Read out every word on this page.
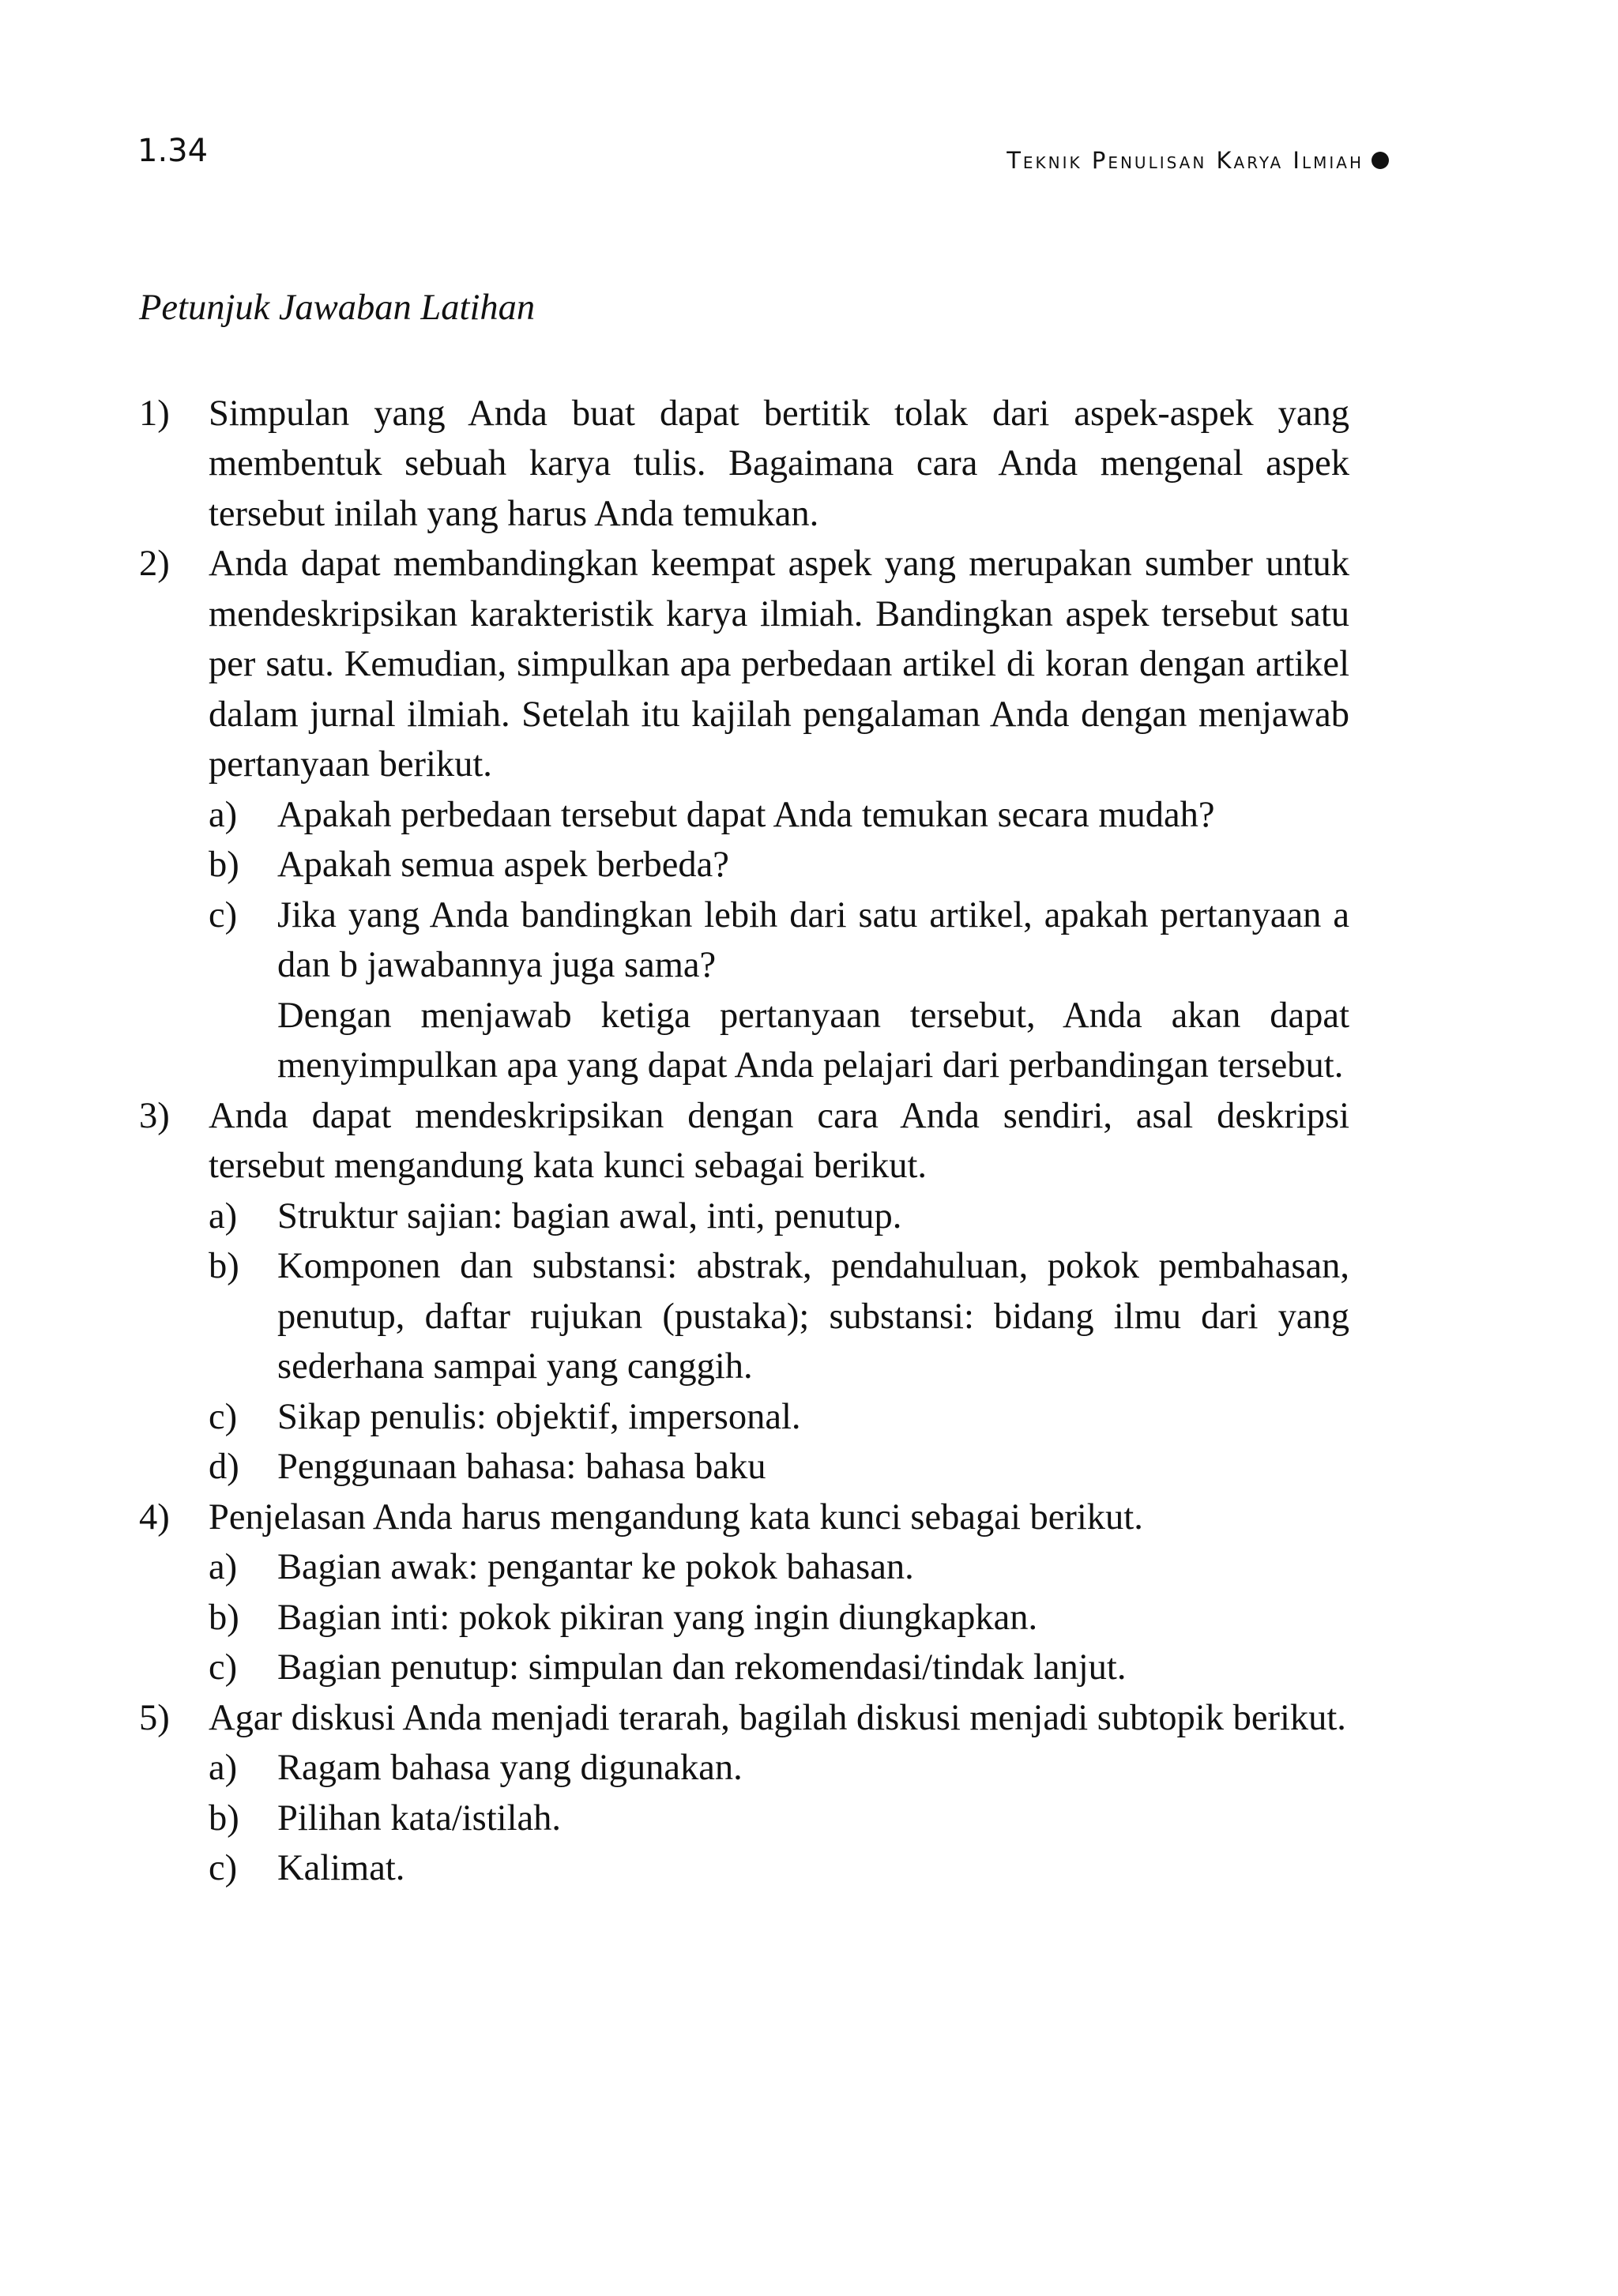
1.34	Teknik Penulisan Karya Ilmiah

Petunjuk Jawaban Latihan

1)	Simpulan yang Anda buat dapat bertitik tolak dari aspek-aspek yang membentuk sebuah karya tulis. Bagaimana cara Anda mengenal aspek tersebut inilah yang harus Anda temukan.

2)	Anda dapat membandingkan keempat aspek yang merupakan sumber untuk mendeskripsikan karakteristik karya ilmiah. Bandingkan aspek tersebut satu per satu. Kemudian, simpulkan apa perbedaan artikel di koran dengan artikel dalam jurnal ilmiah. Setelah itu kajilah pengalaman Anda dengan menjawab pertanyaan berikut.

a)	Apakah perbedaan tersebut dapat Anda temukan secara mudah?
b)	Apakah semua aspek berbeda?
c)	Jika yang Anda bandingkan lebih dari satu artikel, apakah pertanyaan a dan b jawabannya juga sama?
Dengan menjawab ketiga pertanyaan tersebut, Anda akan dapat menyimpulkan apa yang dapat Anda pelajari dari perbandingan tersebut.
3)	Anda dapat mendeskripsikan dengan cara Anda sendiri, asal deskripsi tersebut mengandung kata kunci sebagai berikut.

a)	Struktur sajian: bagian awal, inti, penutup.
b)	Komponen dan substansi: abstrak, pendahuluan, pokok pembahasan, penutup, daftar rujukan (pustaka); substansi: bidang ilmu dari yang sederhana sampai yang canggih.
c)	Sikap penulis: objektif, impersonal.
d)	Penggunaan bahasa: bahasa baku
4)	Penjelasan Anda harus mengandung kata kunci sebagai berikut.

a)	Bagian awak: pengantar ke pokok bahasan.
b)	Bagian inti: pokok pikiran yang ingin diungkapkan.
c)	Bagian penutup: simpulan dan rekomendasi/tindak lanjut.
5)	Agar diskusi Anda menjadi terarah, bagilah diskusi menjadi subtopik berikut.

a)	Ragam bahasa yang digunakan.
b)	Pilihan kata/istilah.
c)	Kalimat.
